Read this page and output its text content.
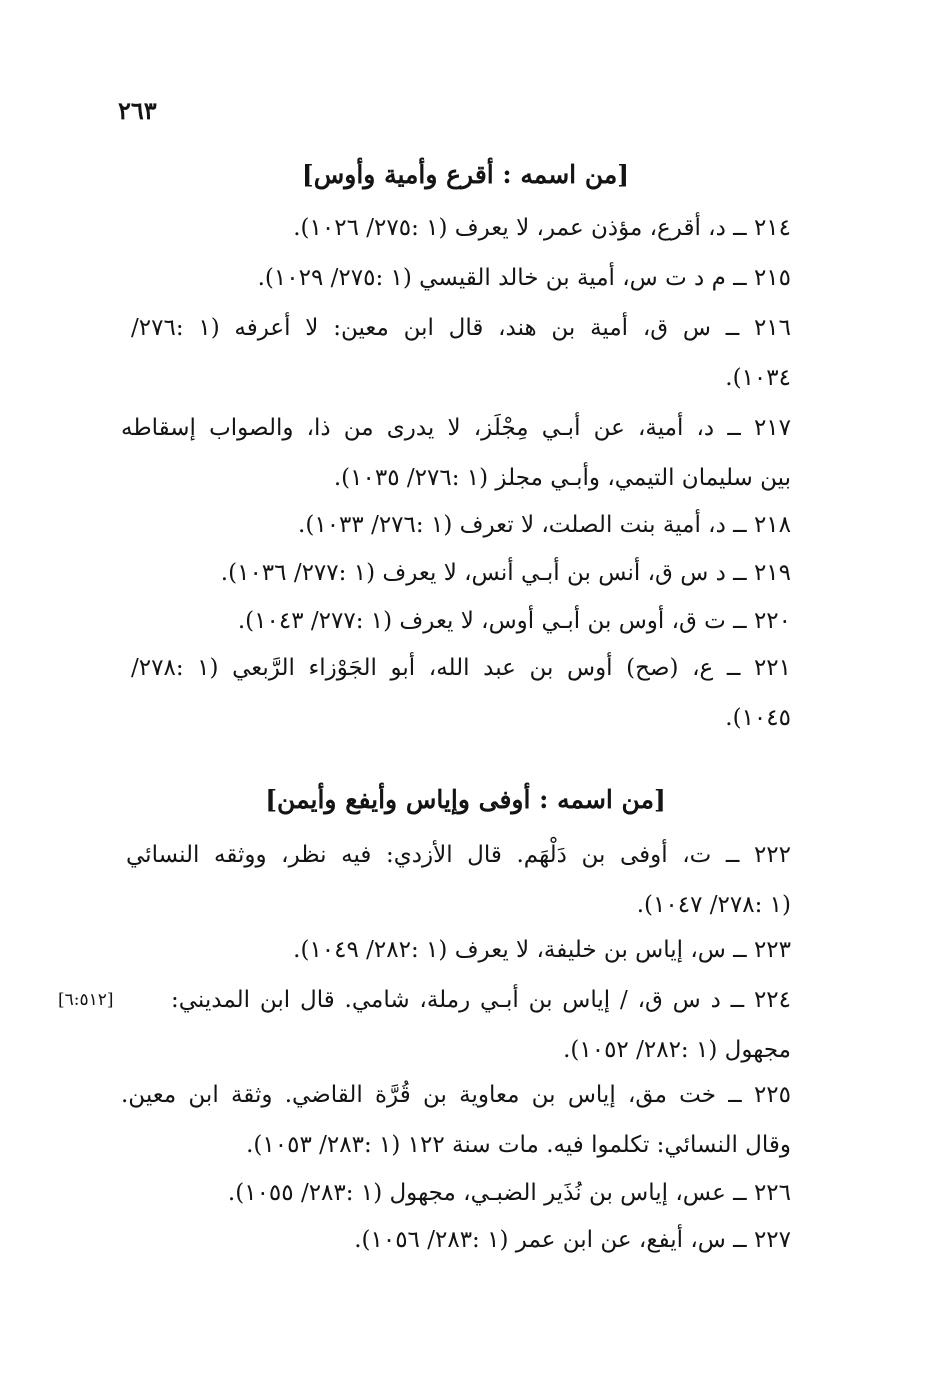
٢٦٣
[من اسمه : أقرع وأمية وأوس]
٢١٤ ــ د، أقرع، مؤذن عمر، لا يعرف (١ :٢٧٥/ ١٠٢٦).
٢١٥ ــ م د ت س، أمية بن خالد القيسي (١ :٢٧٥/ ١٠٢٩).
٢١٦ ــ س ق، أمية بن هند، قال ابن معين: لا أعرفه (١ :٢٧٦/
١٠٣٤).
٢١٧ ــ د، أمية، عن أبـي مِجْلَز، لا يدرى من ذا، والصواب إسقاطه
بين سليمان التيمي، وأبـي مجلز (١ :٢٧٦/ ١٠٣٥).
٢١٨ ــ د، أمية بنت الصلت، لا تعرف (١ :٢٧٦/ ١٠٣٣).
٢١٩ ــ د س ق، أنس بن أبـي أنس، لا يعرف (١ :٢٧٧/ ١٠٣٦).
٢٢٠ ــ ت ق، أوس بن أبـي أوس، لا يعرف (١ :٢٧٧/ ١٠٤٣).
٢٢١ ــ ع، (صح) أوس بن عبد الله، أبو الجَوْزاء الرَّبعي (١ :٢٧٨/
١٠٤٥).
[من اسمه : أوفى وإياس وأيفع وأيمن]
٢٢٢ ــ ت، أوفى بن دَلْهَم. قال الأزدي: فيه نظر، ووثقه النسائي
(١ :٢٧٨/ ١٠٤٧).
٢٢٣ ــ س، إياس بن خليفة، لا يعرف (١ :٢٨٢/ ١٠٤٩).
٢٢٤ ــ د س ق، / إياس بن أبـي رملة، شامي. قال ابن المديني:
مجهول (١ :٢٨٢/ ١٠٥٢).
[٦:٥١٢]
٢٢٥ ــ خت مق، إياس بن معاوية بن قُرَّة القاضي. وثقة ابن معين.
وقال النسائي: تكلموا فيه. مات سنة ١٢٢ (١ :٢٨٣/ ١٠٥٣).
٢٢٦ ــ عس، إياس بن نُذَير الضبـي، مجهول (١ :٢٨٣/ ١٠٥٥).
٢٢٧ ــ س، أيفع، عن ابن عمر (١ :٢٨٣/ ١٠٥٦).
